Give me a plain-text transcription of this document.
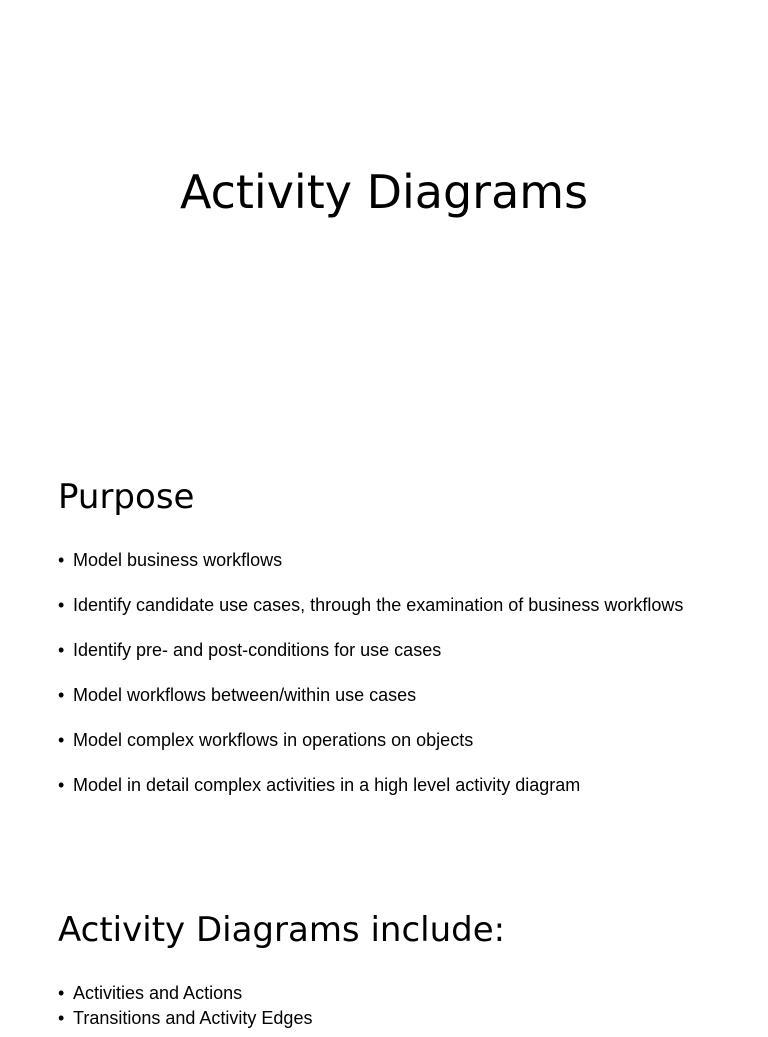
Activity Diagrams
Purpose
• Model business workflows
• Identify candidate use cases, through the examination of business workflows
• Identify pre- and post-conditions for use cases
• Model workflows between/within use cases
• Model complex workflows in operations on objects
• Model in detail complex activities in a high level activity diagram
Activity Diagrams include:
• Activities and Actions
• Transitions and Activity Edges
